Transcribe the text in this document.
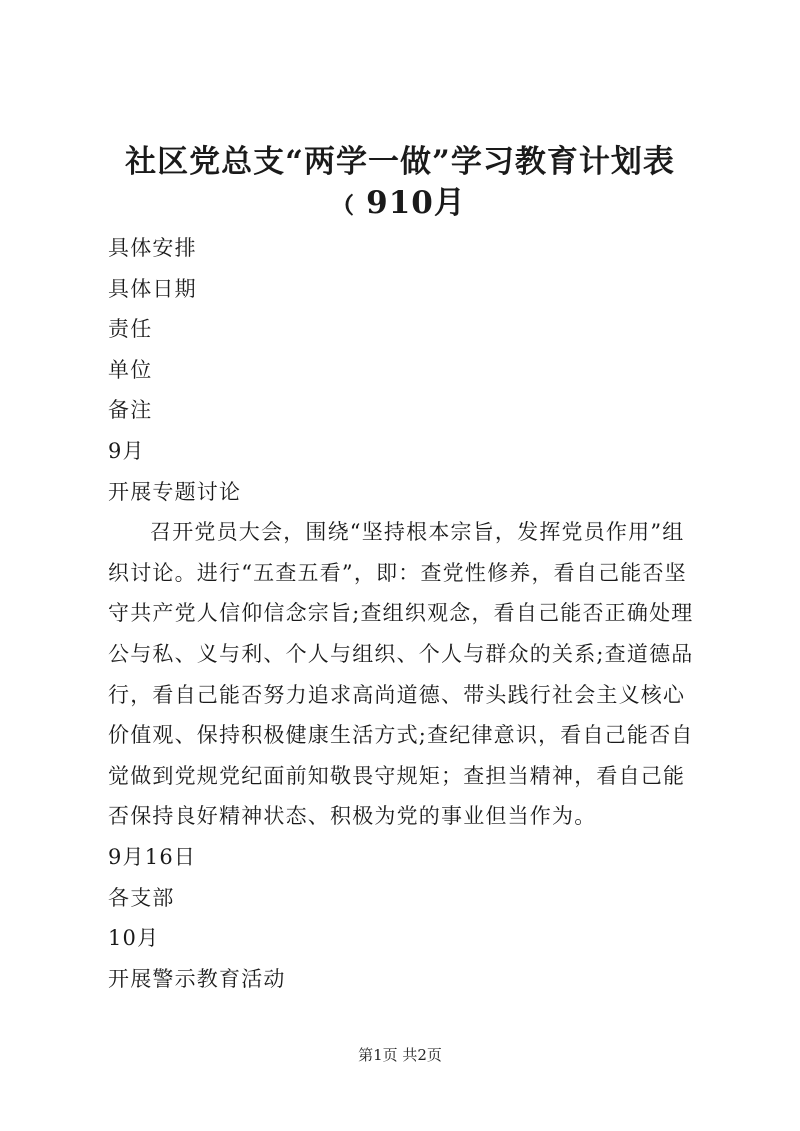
社区党总支“两学一做”学习教育计划表
﹙910月

具体安排

具体日期

责任

单位

备注

9月

开展专题讨论

召开党员大会，围绕“坚持根本宗旨，发挥党员作用”组织讨论。进行“五查五看”，即：查党性修养，看自己能否坚守共产党人信仰信念宗旨;查组织观念，看自己能否正确处理公与私、义与利、个人与组织、个人与群众的关系;查道德品行，看自己能否努力追求高尚道德、带头践行社会主义核心价值观、保持积极健康生活方式;查纪律意识，看自己能否自觉做到党规党纪面前知敬畏守规矩；查担当精神，看自己能否保持良好精神状态、积极为党的事业但当作为。

9月16日

各支部

10月

开展警示教育活动

第1页 共2页
